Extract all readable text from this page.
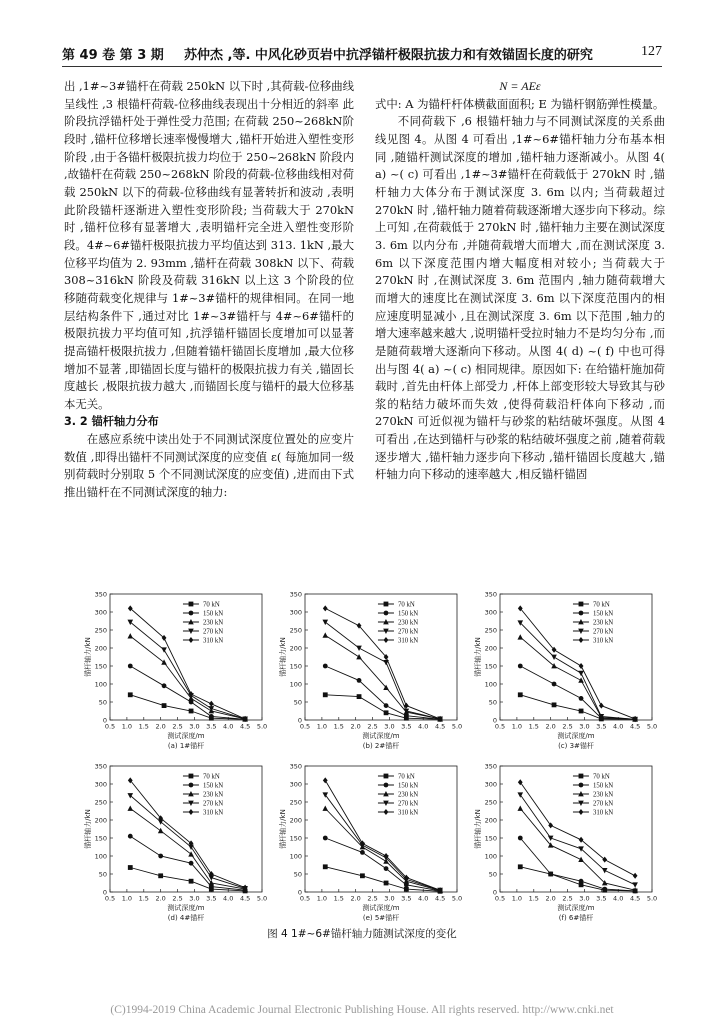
第 49 卷 第 3 期 苏仲杰 ,等. 中风化砂页岩中抗浮锚杆极限抗拔力和有效锚固长度的研究	127

出 ,1#~3#锚杆在荷载 250kN 以下时 ,其荷载-位移曲线呈线性 ,3 根锚杆荷载-位移曲线表现出十分相近的斜率 此阶段抗浮锚杆处于弹性受力范围; 在荷载 250~268kN阶段时 ,锚杆位移增长速率慢慢增大 ,锚杆开始进入塑性变形阶段 ,由于各锚杆极限抗拔力均位于 250~268kN 阶段内 ,故锚杆在荷载 250~268kN 阶段的荷载-位移曲线相对荷载 250kN 以下的荷载-位移曲线有显著转折和波动 ,表明此阶段锚杆逐渐进入塑性变形阶段; 当荷载大于 270kN 时 ,锚杆位移有显著增大 ,表明锚杆完全进入塑性变形阶段。4#~6#锚杆极限抗拔力平均值达到 313. 1kN ,最大位移平均值为 2. 93mm ,锚杆在荷载 308kN 以下、荷载 308~316kN 阶段及荷载 316kN 以上这 3 个阶段的位移随荷载变化规律与 1#~3#锚杆的规律相同。在同一地层结构条件下 ,通过对比 1#~3#锚杆与 4#~6#锚杆的极限抗拔力平均值可知 ,抗浮锚杆锚固长度增加可以显著提高锚杆极限抗拔力 ,但随着锚杆锚固长度增加 ,最大位移增加不显著 ,即锚固长度与锚杆的极限抗拔力有关 ,锚固长度越长 ,极限抗拔力越大 ,而锚固长度与锚杆的最大位移基本无关。

3. 2 锚杆轴力分布

在感应系统中读出处于不同测试深度位置处的应变片数值 ,即得出锚杆不同测试深度的应变值 ε( 每施加同一级别荷载时分别取 5 个不同测试深度的应变值) ,进而由下式推出锚杆在不同测试深度的轴力:

N = AEε

式中: A 为锚杆杆体横截面面积; E 为锚杆钢筋弹性模量。

不同荷载下 ,6 根锚杆轴力与不同测试深度的关系曲线见图 4。从图 4 可看出 ,1#~6#锚杆轴力分布基本相同 ,随锚杆测试深度的增加 ,锚杆轴力逐渐减小。从图 4( a) ~( c) 可看出 ,1#~3#锚杆在荷载低于 270kN 时 ,锚杆轴力大体分布于测试深度 3. 6m 以内; 当荷载超过 270kN 时 ,锚杆轴力随着荷载逐渐增大逐步向下移动。综上可知 ,在荷载低于 270kN 时 ,锚杆轴力主要在测试深度 3. 6m 以内分布 ,并随荷载增大而增大 ,而在测试深度 3. 6m 以下深度范围内增大幅度相对较小; 当荷载大于 270kN 时 ,在测试深度 3. 6m 范围内 ,轴力随荷载增大而增大的速度比在测试深度 3. 6m 以下深度范围内的相应速度明显减小 ,且在测试深度 3. 6m 以下范围 ,轴力的增大速率越来越大 ,说明锚杆受拉时轴力不是均匀分布 ,而是随荷载增大逐渐向下移动。从图 4( d) ~( f) 中也可得出与图 4( a) ~( c) 相同规律。原因如下: 在给锚杆施加荷载时 ,首先由杆体上部受力 ,杆体上部变形较大导致其与砂浆的粘结力破坏而失效 ,使得荷载沿杆体向下移动 ,而 270kN 可近似视为锚杆与砂浆的粘结破坏强度。从图 4 可看出 ,在达到锚杆与砂浆的粘结破坏强度之前 ,随着荷载逐步增大 ,锚杆轴力逐步向下移动 ,锚杆锚固长度越大 ,锚杆轴力向下移动的速率越大 ,相反锚杆锚固

0
50
100
150
200
250
300
350
0.5 1.0 1.5 2.0 2.5 3.0 3.5 4.0 4.5 5.0
测试深度/m
(a) 1#锚杆
锚杆轴力/kN
70 kN
150 kN
230 kN
270 kN
310 kN
0
50
100
150
200
250
300
350
0.5 1.0 1.5 2.0 2.5 3.0 3.5 4.0 4.5 5.0
测试深度/m
(b) 2#锚杆
锚杆轴力/kN
70 kN
150 kN
230 kN
270 kN
310 kN
0
50
100
150
200
250
300
350
0.5 1.0 1.5 2.0 2.5 3.0 3.5 4.0 4.5 5.0
测试深度/m
(c) 3#锚杆
锚杆轴力/kN
70 kN
150 kN
230 kN
270 kN
310 kN
0
50
100
150
200
250
300
350
0.5 1.0 1.5 2.0 2.5 3.0 3.5 4.0 4.5 5.0
测试深度/m
(d) 4#锚杆
锚杆轴力/kN
70 kN
150 kN
230 kN
270 kN
310 kN
0
50
100
150
200
250
300
350
0.5 1.0 1.5 2.0 2.5 3.0 3.5 4.0 4.5 5.0
测试深度/m
(e) 5#锚杆
锚杆轴力/kN
70 kN
150 kN
230 kN
270 kN
310 kN
0
50
100
150
200
250
300
350
0.5 1.0 1.5 2.0 2.5 3.0 3.5 4.0 4.5 5.0
测试深度/m
(f) 6#锚杆
锚杆轴力/kN
70 kN
150 kN
230 kN
270 kN
310 kN
图 4 1#~6#锚杆轴力随测试深度的变化
(C)1994-2019 China Academic Journal Electronic Publishing House. All rights reserved. http://www.cnki.net
